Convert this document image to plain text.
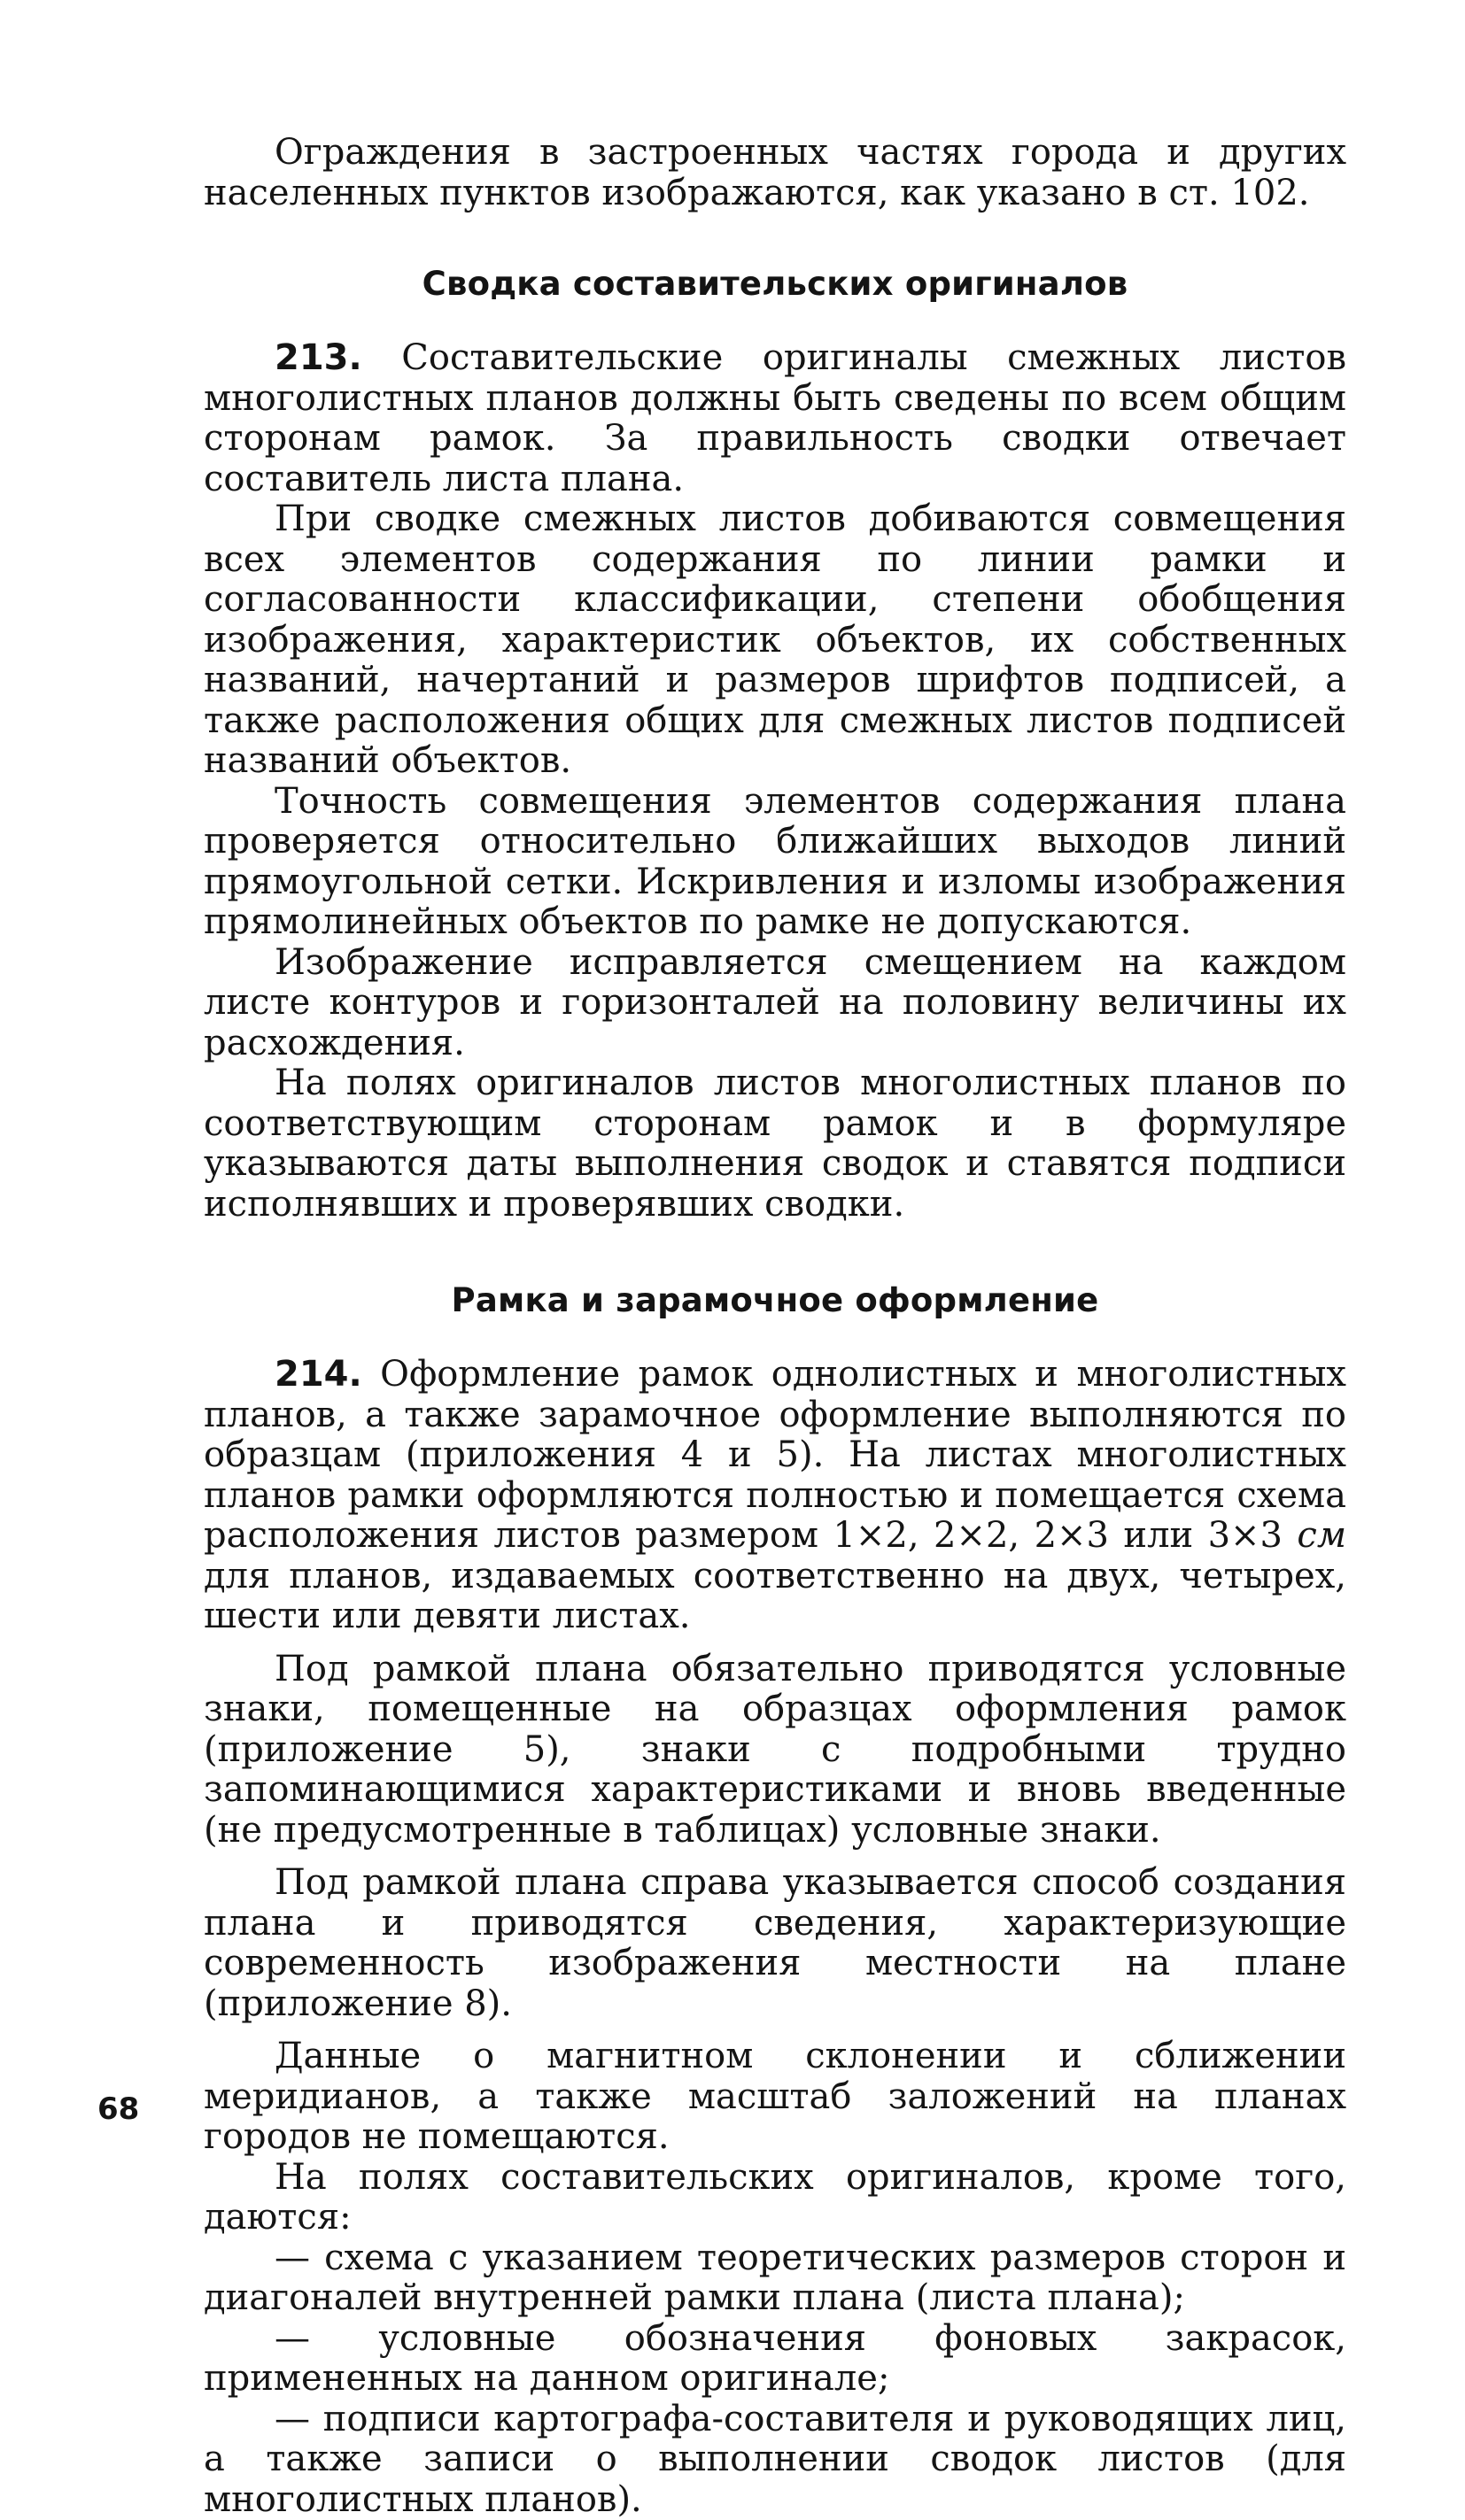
Ограждения в застроенных частях города и других населенных пунктов изображаются, как указано в ст. 102.

Сводка составительских оригиналов

213. Составительские оригиналы смежных листов многолистных планов должны быть сведены по всем общим сторонам рамок. За правильность сводки отвечает составитель листа плана.

При сводке смежных листов добиваются совмещения всех элементов содержания по линии рамки и согласованности классификации, степени обобщения изображения, характеристик объектов, их собственных названий, начертаний и размеров шрифтов подписей, а также расположения общих для смежных листов подписей названий объектов.

Точность совмещения элементов содержания плана проверяется относительно ближайших выходов линий прямоугольной сетки. Искривления и изломы изображения прямолинейных объектов по рамке не допускаются.

Изображение исправляется смещением на каждом листе контуров и горизонталей на половину величины их расхождения.

На полях оригиналов листов многолистных планов по соответствующим сторонам рамок и в формуляре указываются даты выполнения сводок и ставятся подписи исполнявших и проверявших сводки.

Рамка и зарамочное оформление

214. Оформление рамок однолистных и многолистных планов, а также зарамочное оформление выполняются по образцам (приложения 4 и 5). На листах многолистных планов рамки оформляются полностью и помещается схема расположения листов размером 1×2, 2×2, 2×3 или 3×3 см для планов, издаваемых соответственно на двух, четырех, шести или девяти листах.

Под рамкой плана обязательно приводятся условные знаки, помещенные на образцах оформления рамок (приложение 5), знаки с подробными трудно запоминающимися характеристиками и вновь введенные (не предусмотренные в таблицах) условные знаки.

Под рамкой плана справа указывается способ создания плана и приводятся сведения, характеризующие современность изображения местности на плане (приложение 8).

Данные о магнитном склонении и сближении меридианов, а также масштаб заложений на планах городов не помещаются.

На полях составительских оригиналов, кроме того, даются:

— схема с указанием теоретических размеров сторон и диагоналей внутренней рамки плана (листа плана);

— условные обозначения фоновых закрасок, примененных на данном оригинале;

— подписи картографа-составителя и руководящих лиц, а также записи о выполнении сводок листов (для многолистных планов).

68
